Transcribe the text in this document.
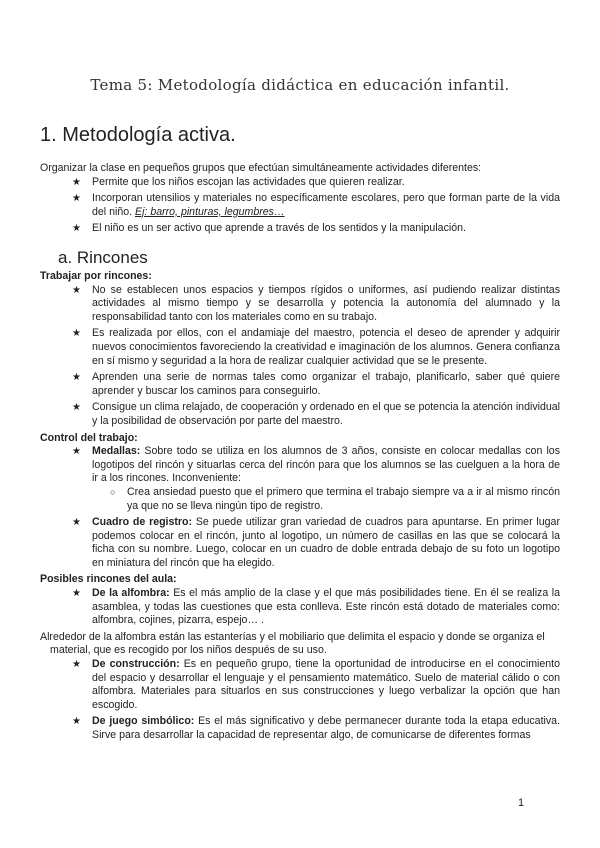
Tema 5: Metodología didáctica en educación infantil.
1. Metodología activa.

Organizar la clase en pequeños grupos que efectúan simultáneamente actividades diferentes:

★ Permite que los niños escojan las actividades que quieren realizar.
★ Incorporan utensilios y materiales no específicamente escolares, pero que forman parte de la vida del niño. Ej: barro, pinturas, legumbres…
★ El niño es un ser activo que aprende a través de los sentidos y la manipulación.
a. Rincones

Trabajar por rincones:

★ No se establecen unos espacios y tiempos rígidos o uniformes, así pudiendo realizar distintas actividades al mismo tiempo y se desarrolla y potencia la autonomía del alumnado y la responsabilidad tanto con los materiales como en su trabajo.
★ Es realizada por ellos, con el andamiaje del maestro, potencia el deseo de aprender y adquirir nuevos conocimientos favoreciendo la creatividad e imaginación de los alumnos. Genera confianza en sí mismo y seguridad a la hora de realizar cualquier actividad que se le presente.
★ Aprenden una serie de normas tales como organizar el trabajo, planificarlo, saber qué quiere aprender y buscar los caminos para conseguirlo.
★ Consigue un clima relajado, de cooperación y ordenado en el que se potencia la atención individual y la posibilidad de observación por parte del maestro.

Control del trabajo:

★ Medallas: Sobre todo se utiliza en los alumnos de 3 años, consiste en colocar medallas con los logotipos del rincón y situarlas cerca del rincón para que los alumnos se las cuelguen a la hora de ir a los rincones. Inconveniente:
○ Crea ansiedad puesto que el primero que termina el trabajo siempre va a ir al mismo rincón ya que no se lleva ningún tipo de registro.
★ Cuadro de registro: Se puede utilizar gran variedad de cuadros para apuntarse. En primer lugar podemos colocar en el rincón, junto al logotipo, un número de casillas en las que se colocará la ficha con su nombre. Luego, colocar en un cuadro de doble entrada debajo de su foto un logotipo en miniatura del rincón que ha elegido.

Posibles rincones del aula:

★ De la alfombra: Es el más amplio de la clase y el que más posibilidades tiene. En él se realiza la asamblea, y todas las cuestiones que esta conlleva. Este rincón está dotado de materiales como: alfombra, cojines, pizarra, espejo… .

Alrededor de la alfombra están las estanterías y el mobiliario que delimita el espacio y donde se organiza el material, que es recogido por los niños después de su uso.

★ De construcción: Es en pequeño grupo, tiene la oportunidad de introducirse en el conocimiento del espacio y desarrollar el lenguaje y el pensamiento matemático. Suelo de material cálido o con alfombra. Materiales para situarlos en sus construcciones y luego verbalizar la opción que han escogido.
★ De juego simbólico: Es el más significativo y debe permanecer durante toda la etapa educativa. Sirve para desarrollar la capacidad de representar algo, de comunicarse de diferentes formas
1
